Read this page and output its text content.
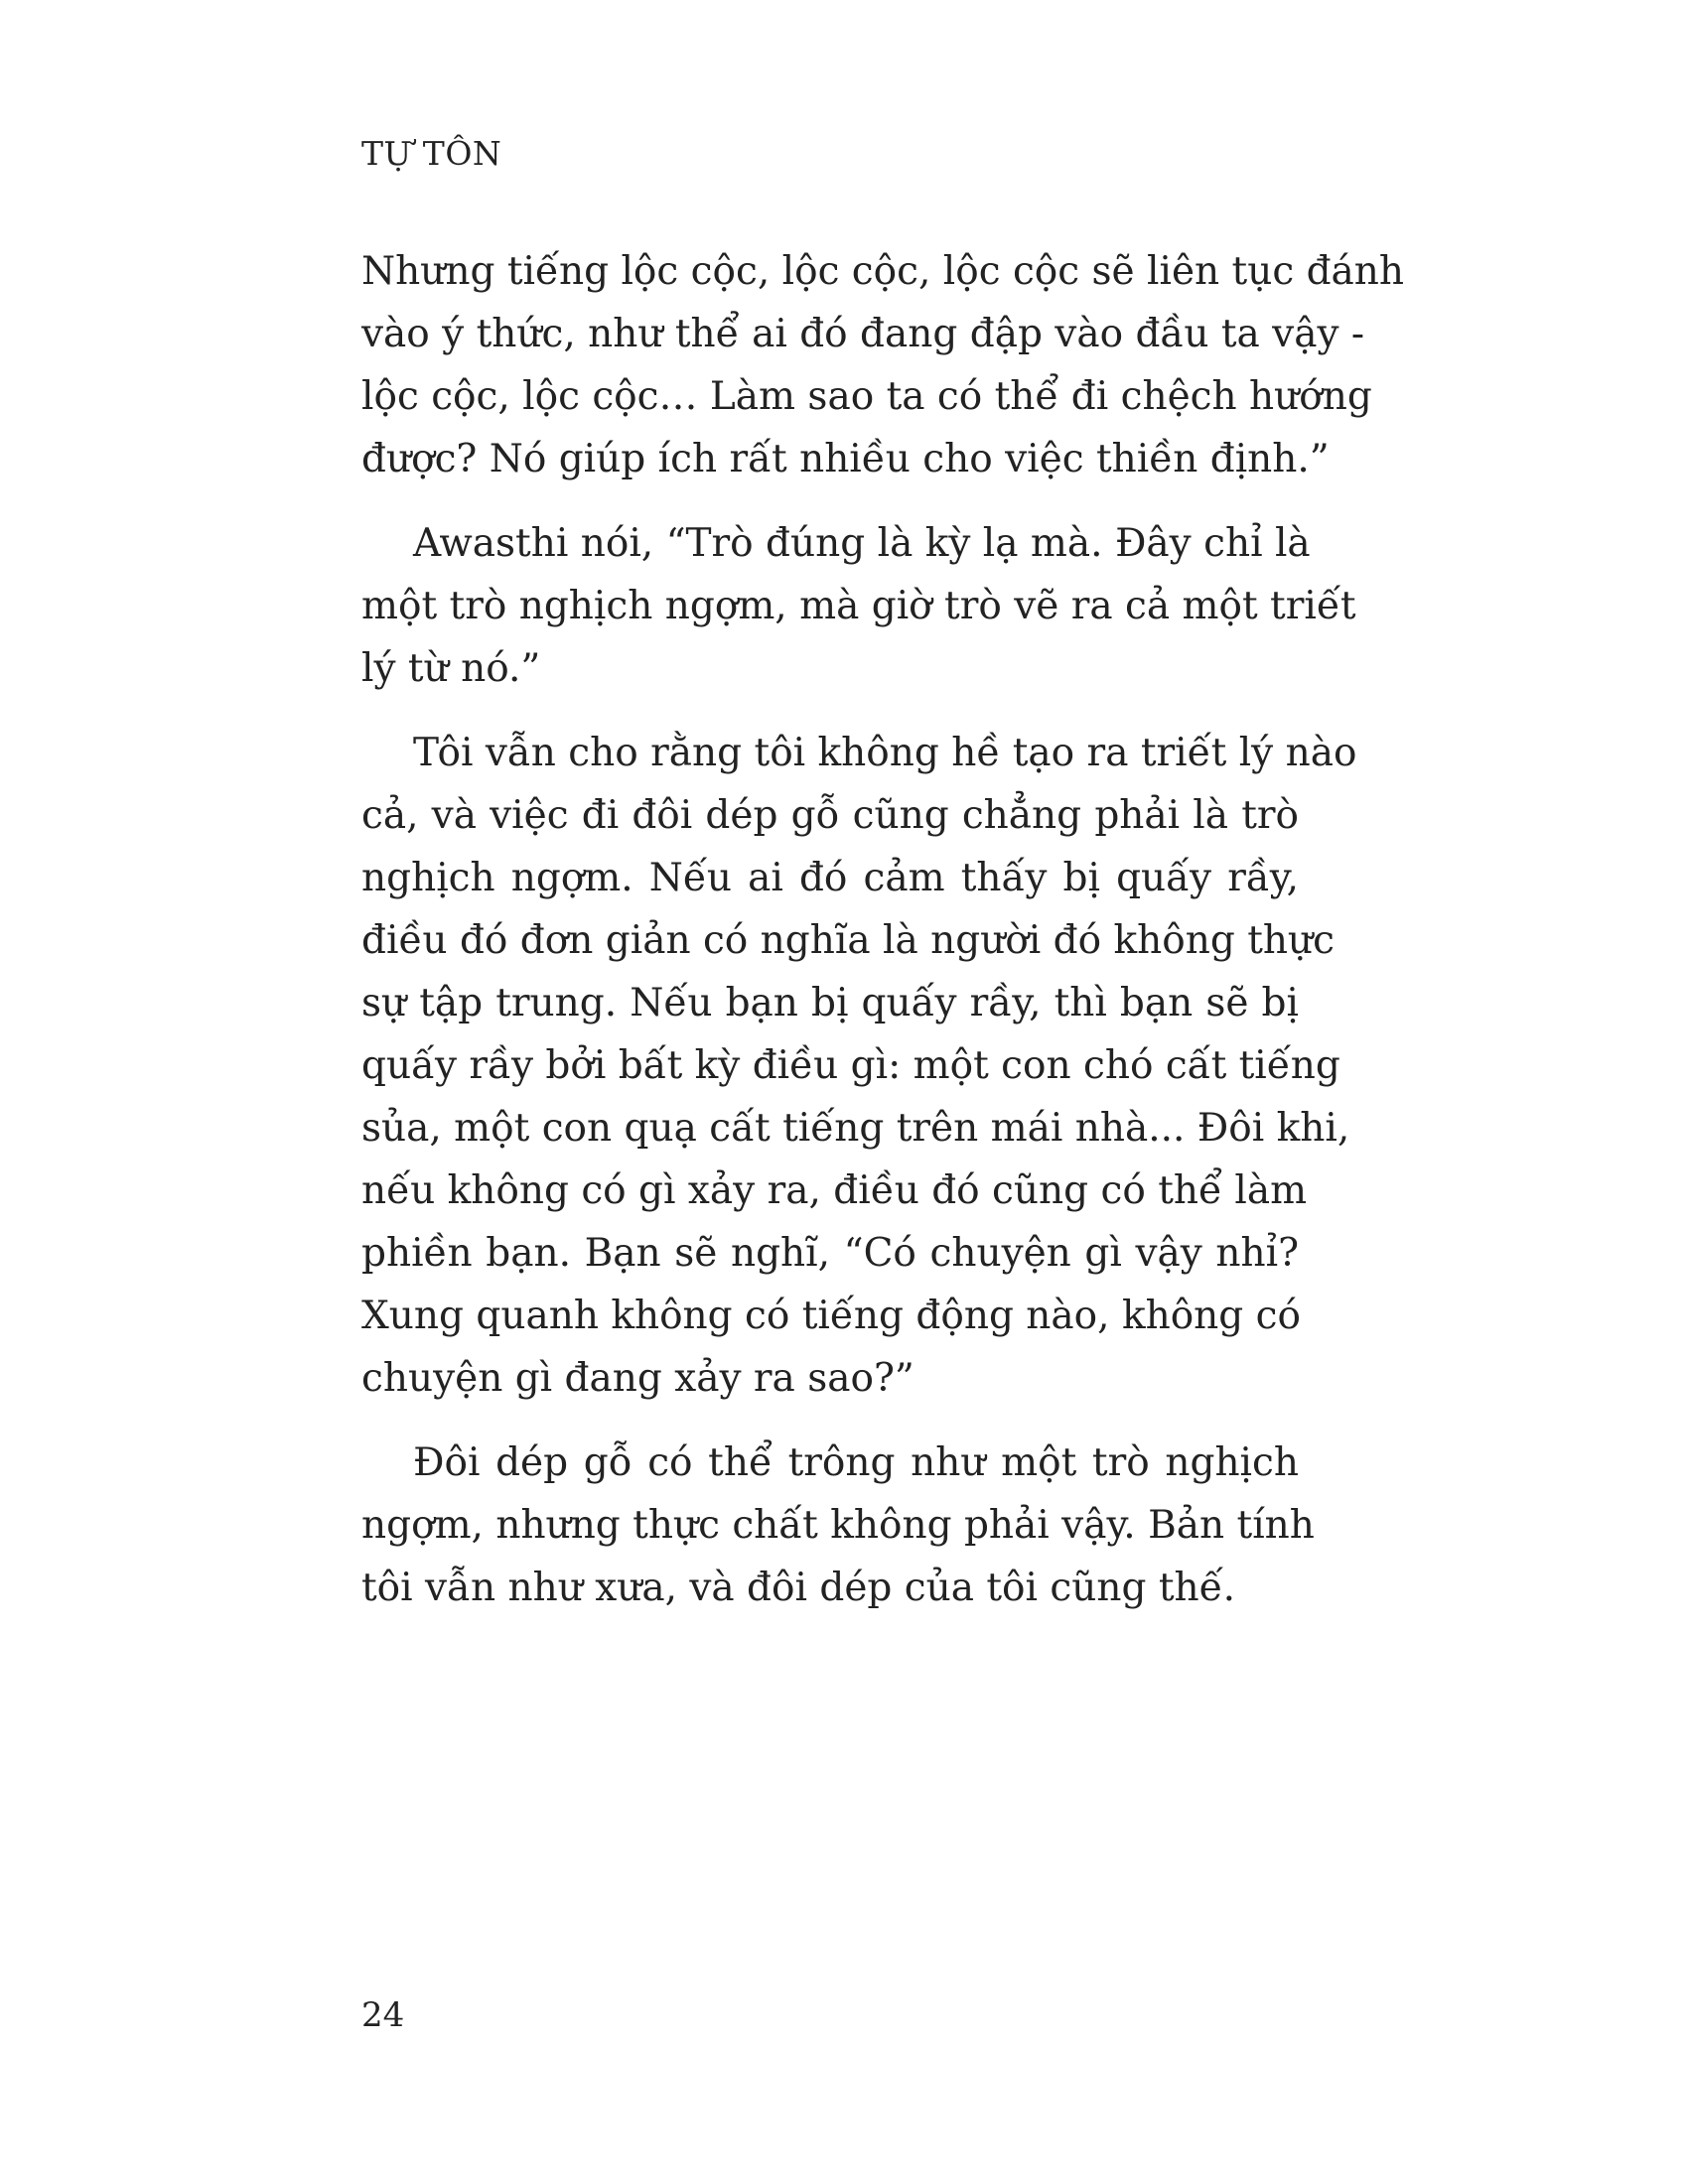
TỰ TÔN
Nhưng tiếng lộc cộc, lộc cộc, lộc cộc sẽ liên tục đánh
vào ý thức, như thể ai đó đang đập vào đầu ta vậy -
lộc cộc, lộc cộc… Làm sao ta có thể đi chệch hướng
được? Nó giúp ích rất nhiều cho việc thiền định.”
Awasthi nói, “Trò đúng là kỳ lạ mà. Đây chỉ là
một trò nghịch ngợm, mà giờ trò vẽ ra cả một triết
lý từ nó.”
Tôi vẫn cho rằng tôi không hề tạo ra triết lý nào
cả, và việc đi đôi dép gỗ cũng chẳng phải là trò
nghịch ngợm. Nếu ai đó cảm thấy bị quấy rầy,
điều đó đơn giản có nghĩa là người đó không thực
sự tập trung. Nếu bạn bị quấy rầy, thì bạn sẽ bị
quấy rầy bởi bất kỳ điều gì: một con chó cất tiếng
sủa, một con quạ cất tiếng trên mái nhà... Đôi khi,
nếu không có gì xảy ra, điều đó cũng có thể làm
phiền bạn. Bạn sẽ nghĩ, “Có chuyện gì vậy nhỉ?
Xung quanh không có tiếng động nào, không có
chuyện gì đang xảy ra sao?”
Đôi dép gỗ có thể trông như một trò nghịch
ngợm, nhưng thực chất không phải vậy. Bản tính
tôi vẫn như xưa, và đôi dép của tôi cũng thế.
24
